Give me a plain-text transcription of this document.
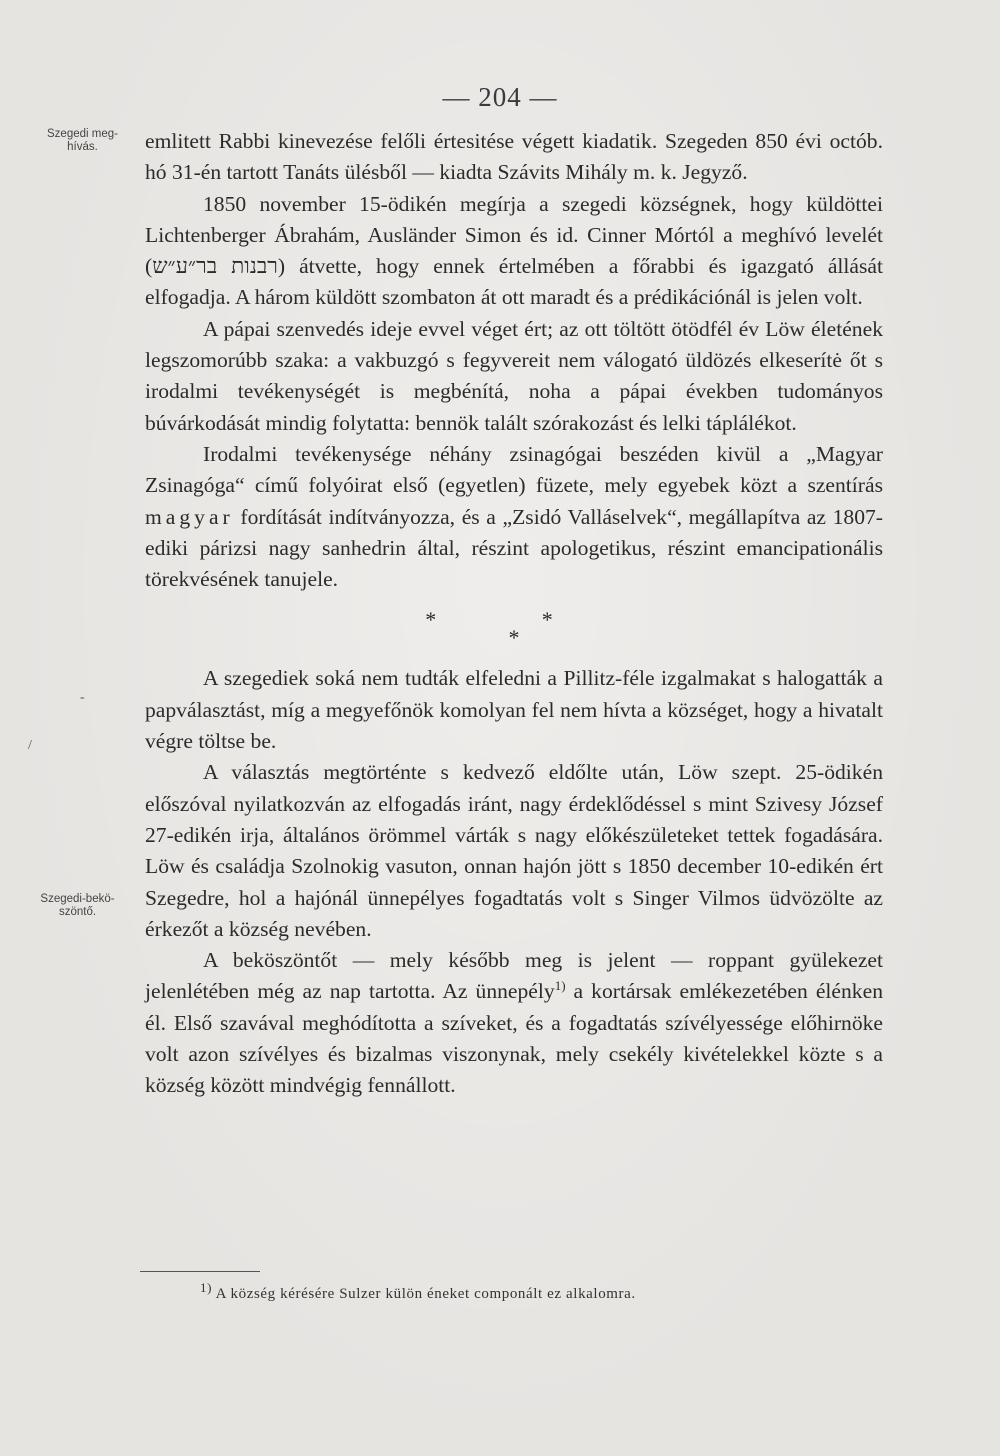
— 204 —
Szegedi meg-
hívás.
Szegedi-bekö-
szöntő.
-
/

emlitett Rabbi kinevezése felőli értesitése végett kiadatik. Szegeden 850 évi octób. hó 31-én tartott Tanáts ülésből — kiadta Szávits Mihály m. k. Jegyző.

1850 november 15-ödikén megírja a szegedi községnek, hogy küldöttei Lichtenberger Ábrahám, Ausländer Simon és id. Cinner Mórtól a meghívó levelét (רבנות בר״ע״ש) átvette, hogy ennek értelmében a főrabbi és igazgató állását elfogadja. A három küldött szombaton át ott maradt és a prédikációnál is jelen volt.

A pápai szenvedés ideje evvel véget ért; az ott töltött ötödfél év Löw életének legszomorúbb szaka: a vakbuzgó s fegyvereit nem válogató üldözés elkeserítė őt s irodalmi tevékenységét is megbénítá, noha a pápai években tudományos búvárkodását mindig folytatta: bennök talált szórakozást és lelki táplálékot.

Irodalmi tevékenysége néhány zsinagógai beszéden kivül a „Magyar Zsinagóga“ című folyóirat első (egyetlen) füzete, mely egyebek közt a szentírás magyar fordítását indítványozza, és a „Zsidó Valláselvek“, megállapítva az 1807-ediki párizsi nagy sanhedrin által, részint apologetikus, részint emancipationális törekvésének tanujele.

* *
*

A szegediek soká nem tudták elfeledni a Pillitz-féle izgalmakat s halogatták a papválasztást, míg a megyefőnök komolyan fel nem hívta a községet, hogy a hivatalt végre töltse be.

A választás megtörténte s kedvező eldőlte után, Löw szept. 25-ödikén előszóval nyilatkozván az elfogadás iránt, nagy érdeklődéssel s mint Szivesy József 27-edikén irja, általános örömmel várták s nagy előkészületeket tettek fogadására. Löw és családja Szolnokig vasuton, onnan hajón jött s 1850 december 10-edikén ért Szegedre, hol a hajónál ünnepélyes fogadtatás volt s Singer Vilmos üdvözölte az érkezőt a község nevében.

A beköszöntőt — mely később meg is jelent — roppant gyülekezet jelenlétében még az nap tartotta. Az ünnepély$^{1)}$ a kortársak emlékezetében élénken él. Első szavával meghódította a szíveket, és a fogadtatás szívélyessége előhirnöke volt azon szívélyes és bizalmas viszonynak, mely csekély kivételekkel közte s a község között mindvégig fennállott.

$^{1)}$ A község kérésére Sulzer külön éneket componált ez alkalomra.
